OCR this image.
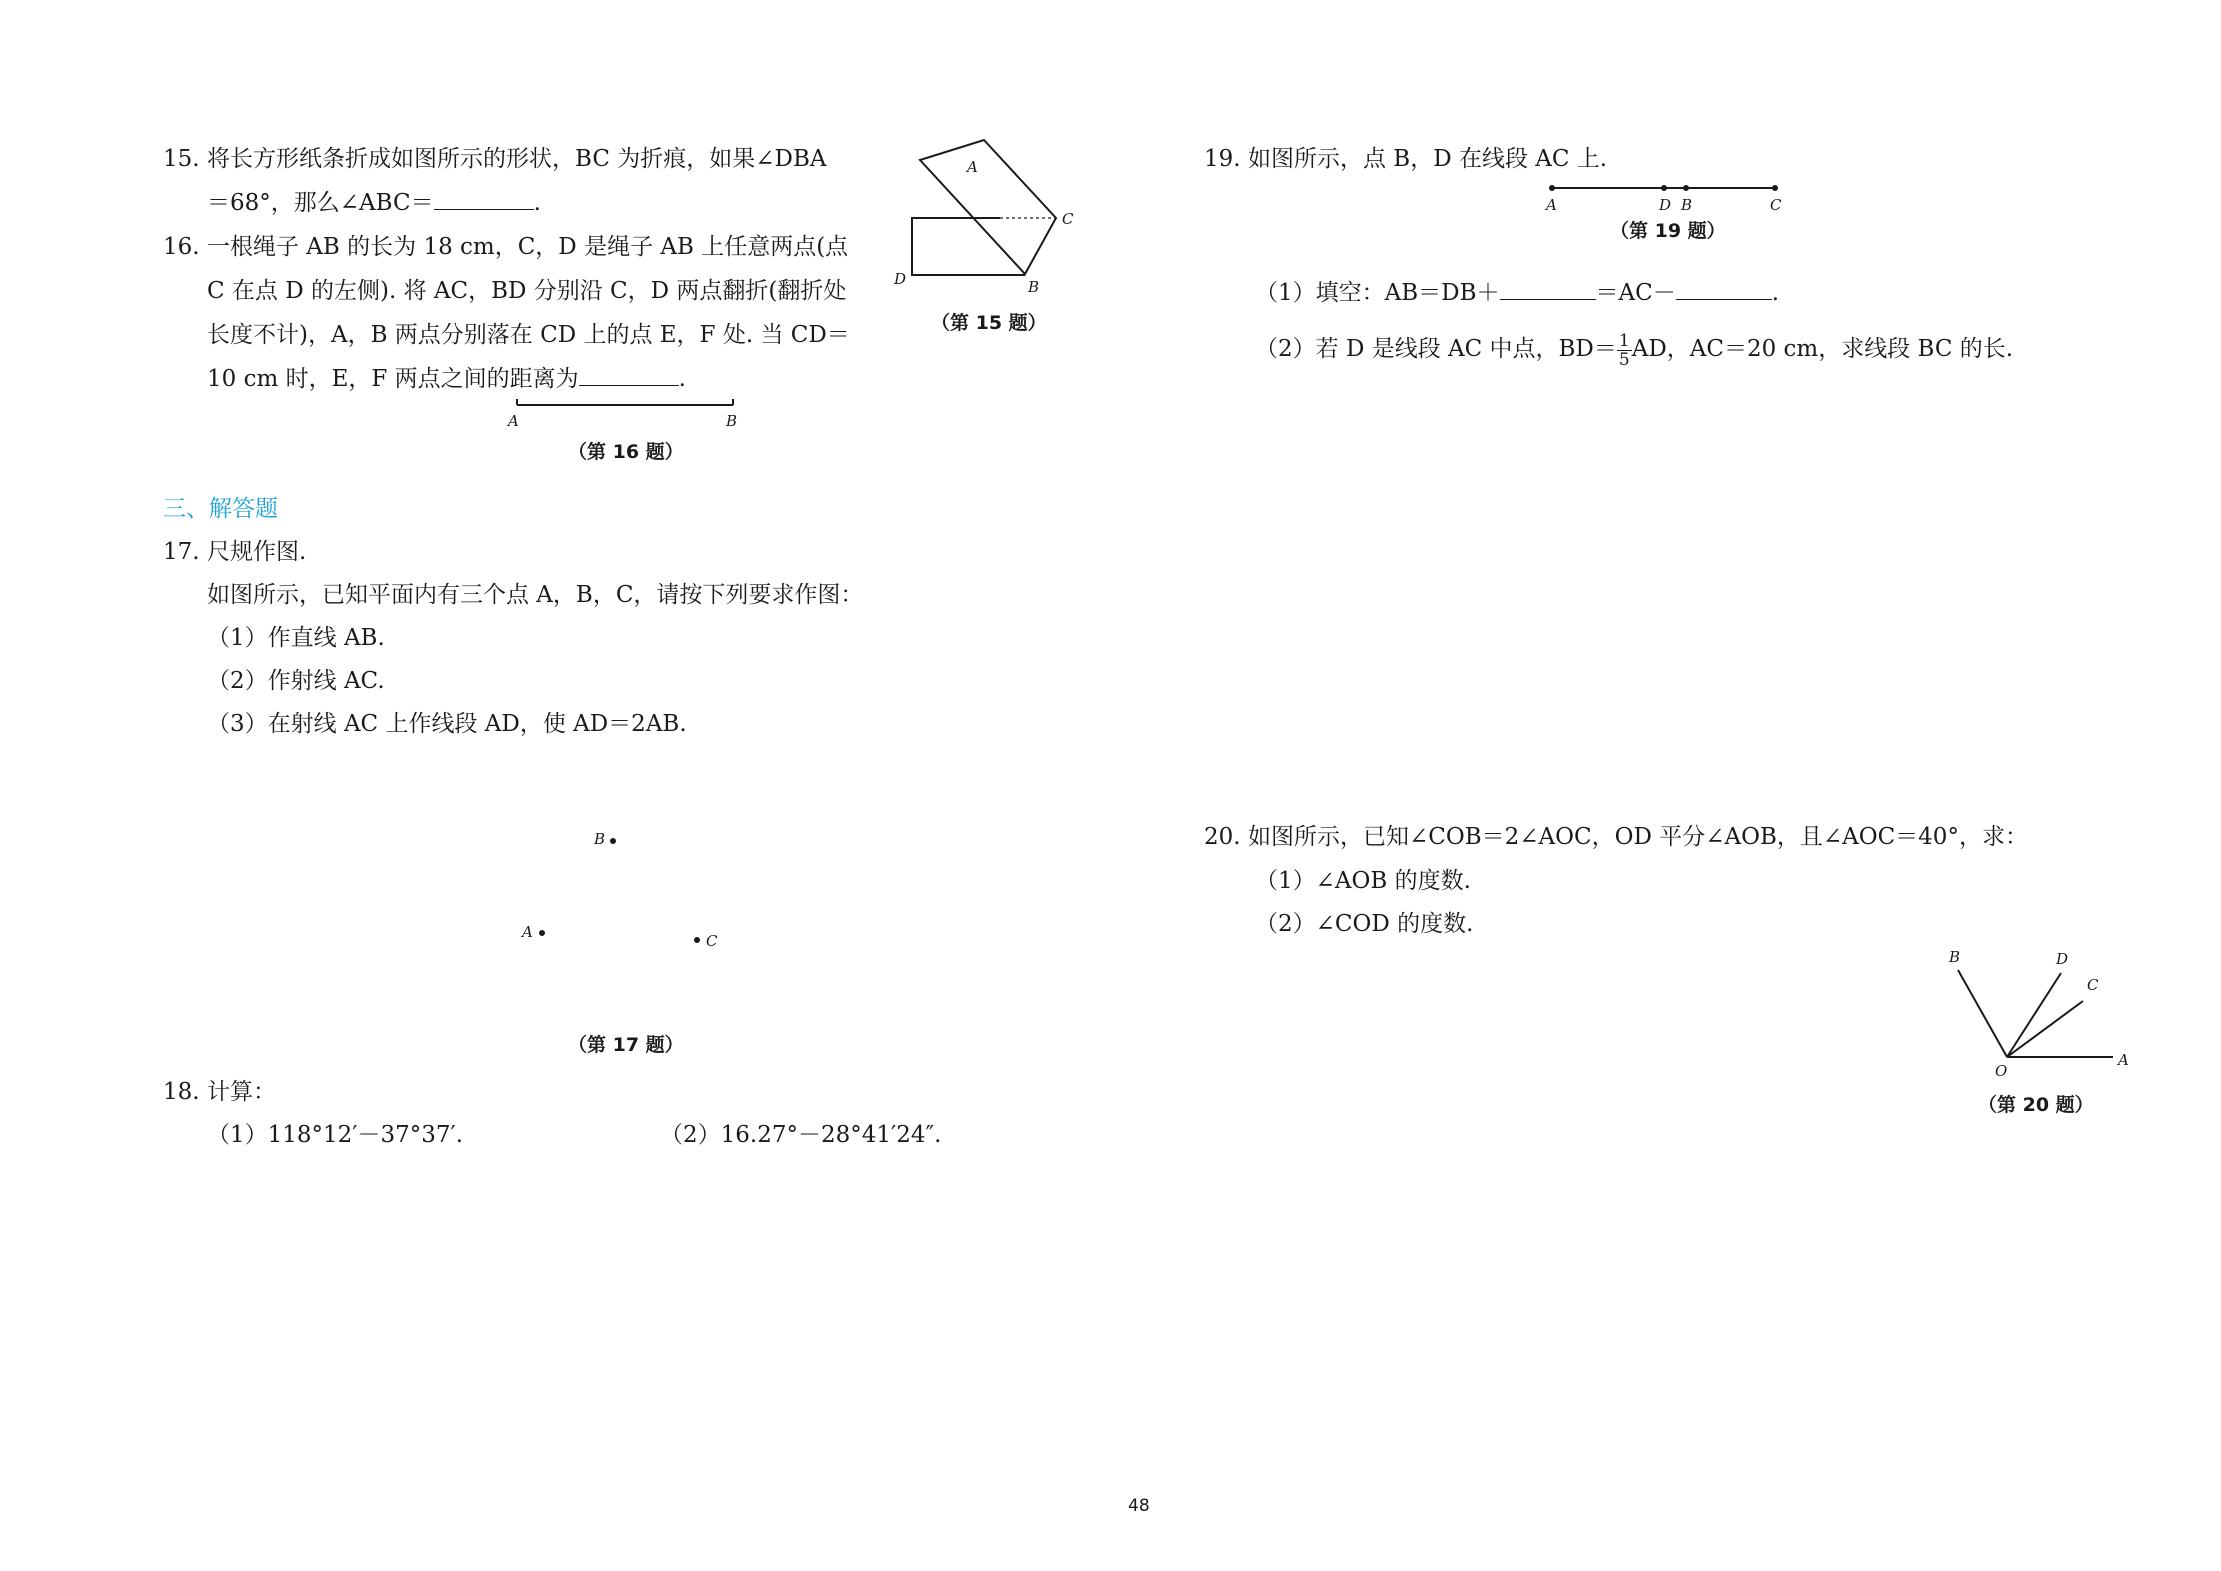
15. 将长方形纸条折成如图所示的形状，BC 为折痕，如果∠DBA
＝68°，那么∠ABC＝	.
A
C
D	B
（第 15 题）
16. 一根绳子 AB 的长为 18 cm，C，D 是绳子 AB 上任意两点(点
C 在点 D 的左侧). 将 AC，BD 分别沿 C，D 两点翻折(翻折处
长度不计)，A，B 两点分别落在 CD 上的点 E，F 处. 当 CD＝
10 cm 时，E，F 两点之间的距离为	.
A	B
（第 16 题）
三、解答题
17. 尺规作图.
如图所示，已知平面内有三个点 A，B，C，请按下列要求作图：
（1）作直线 AB.
（2）作射线 AC.
（3）在射线 AC 上作线段 AD，使 AD＝2AB.
B
A	C
（第 17 题）
18. 计算：
（1）118°12′－37°37′.	（2）16.27°－28°41′24″.
19. 如图所示，点 B，D 在线段 AC 上.
A	D B	C
（第 19 题）
（1）填空：AB＝DB＋	＝AC－	.
（2）若 D 是线段 AC 中点，$BD= \frac{1}{5}$ AD，AC＝20 cm，求线段 BC 的长.
20. 如图所示，已知∠COB＝2∠AOC，OD 平分∠AOB，且∠AOC＝40°，求：
（1）∠AOB 的度数.
（2）∠COD 的度数.
B	D
C
A
O
（第 20 题）
48
